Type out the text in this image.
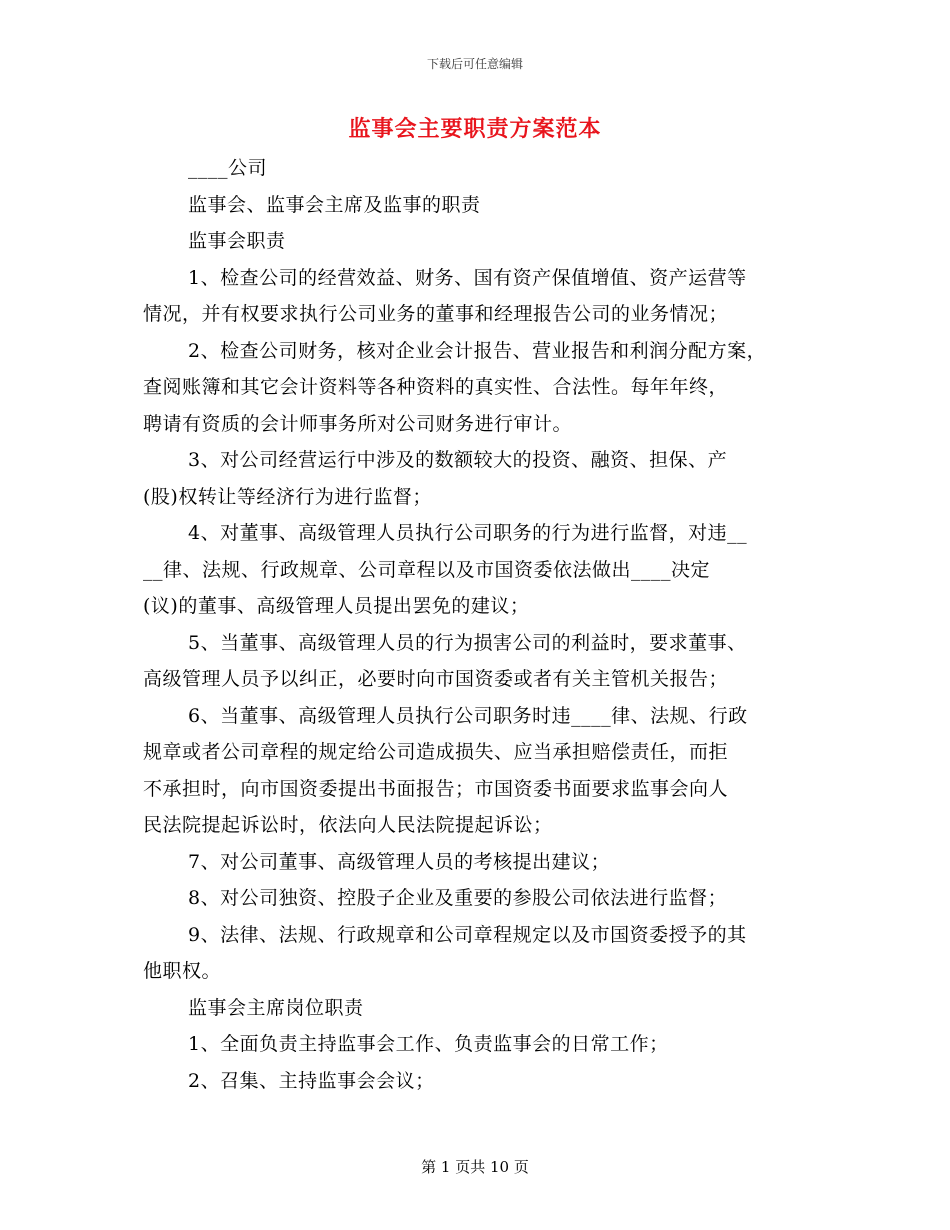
下载后可任意编辑
监事会主要职责方案范本
____公司
监事会、监事会主席及监事的职责
监事会职责
1、检查公司的经营效益、财务、国有资产保值增值、资产运营等
情况，并有权要求执行公司业务的董事和经理报告公司的业务情况；
2、检查公司财务，核对企业会计报告、营业报告和利润分配方案，
查阅账簿和其它会计资料等各种资料的真实性、合法性。每年年终，
聘请有资质的会计师事务所对公司财务进行审计。
3、对公司经营运行中涉及的数额较大的投资、融资、担保、产
(股)权转让等经济行为进行监督；
4、对董事、高级管理人员执行公司职务的行为进行监督，对违__
__律、法规、行政规章、公司章程以及市国资委依法做出____决定
(议)的董事、高级管理人员提出罢免的建议；
5、当董事、高级管理人员的行为损害公司的利益时，要求董事、
高级管理人员予以纠正，必要时向市国资委或者有关主管机关报告；
6、当董事、高级管理人员执行公司职务时违____律、法规、行政
规章或者公司章程的规定给公司造成损失、应当承担赔偿责任，而拒
不承担时，向市国资委提出书面报告；市国资委书面要求监事会向人
民法院提起诉讼时，依法向人民法院提起诉讼；
7、对公司董事、高级管理人员的考核提出建议；
8、对公司独资、控股子企业及重要的参股公司依法进行监督；
9、法律、法规、行政规章和公司章程规定以及市国资委授予的其
他职权。
监事会主席岗位职责
1、全面负责主持监事会工作、负责监事会的日常工作；
2、召集、主持监事会会议；
第 1 页共 10 页
